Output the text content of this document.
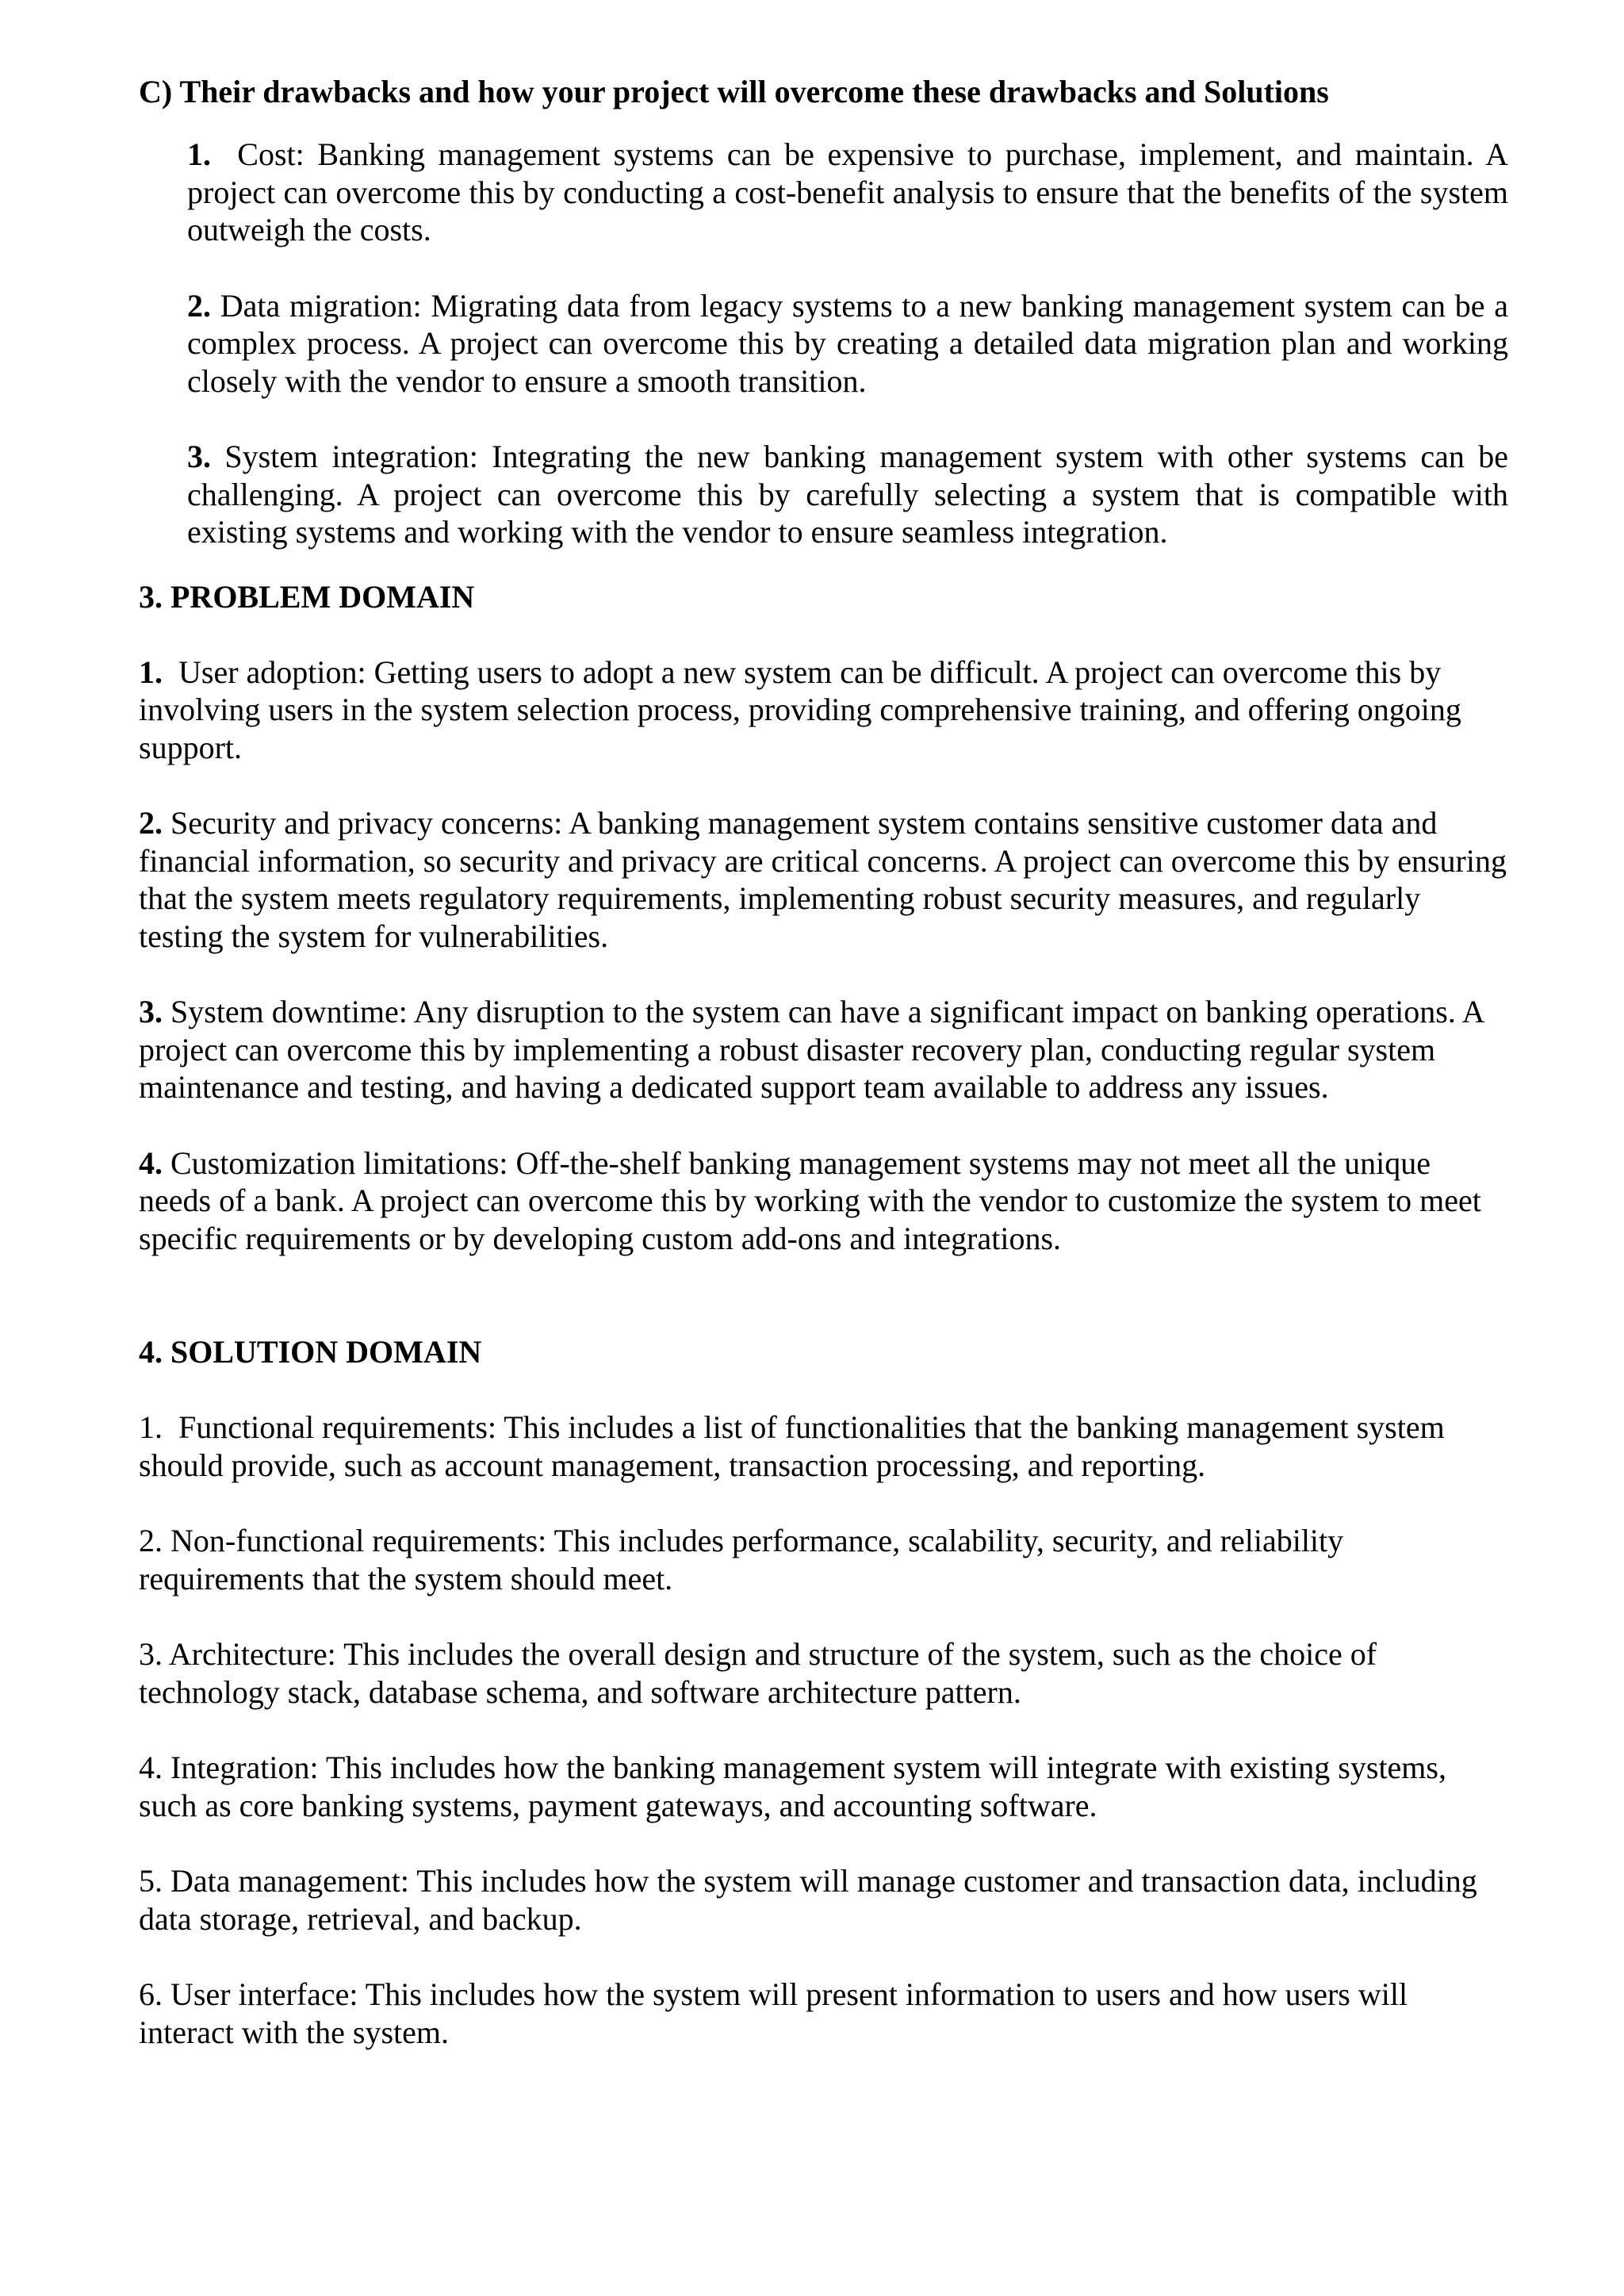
C) Their drawbacks and how your project will overcome these drawbacks and Solutions

1. Cost: Banking management systems can be expensive to purchase, implement, and maintain. A project can overcome this by conducting a cost-benefit analysis to ensure that the benefits of the system outweigh the costs.

2. Data migration: Migrating data from legacy systems to a new banking management system can be a complex process. A project can overcome this by creating a detailed data migration plan and working closely with the vendor to ensure a smooth transition.

3. System integration: Integrating the new banking management system with other systems can be challenging. A project can overcome this by carefully selecting a system that is compatible with existing systems and working with the vendor to ensure seamless integration.

3. PROBLEM DOMAIN

1. User adoption: Getting users to adopt a new system can be difficult. A project can overcome this by involving users in the system selection process, providing comprehensive training, and offering ongoing support.

2. Security and privacy concerns: A banking management system contains sensitive customer data and financial information, so security and privacy are critical concerns. A project can overcome this by ensuring that the system meets regulatory requirements, implementing robust security measures, and regularly testing the system for vulnerabilities.

3. System downtime: Any disruption to the system can have a significant impact on banking operations. A project can overcome this by implementing a robust disaster recovery plan, conducting regular system maintenance and testing, and having a dedicated support team available to address any issues.

4. Customization limitations: Off-the-shelf banking management systems may not meet all the unique needs of a bank. A project can overcome this by working with the vendor to customize the system to meet specific requirements or by developing custom add-ons and integrations.

4. SOLUTION DOMAIN

1. Functional requirements: This includes a list of functionalities that the banking management system should provide, such as account management, transaction processing, and reporting.

2. Non-functional requirements: This includes performance, scalability, security, and reliability requirements that the system should meet.

3. Architecture: This includes the overall design and structure of the system, such as the choice of technology stack, database schema, and software architecture pattern.

4. Integration: This includes how the banking management system will integrate with existing systems, such as core banking systems, payment gateways, and accounting software.

5. Data management: This includes how the system will manage customer and transaction data, including data storage, retrieval, and backup.

6. User interface: This includes how the system will present information to users and how users will interact with the system.
